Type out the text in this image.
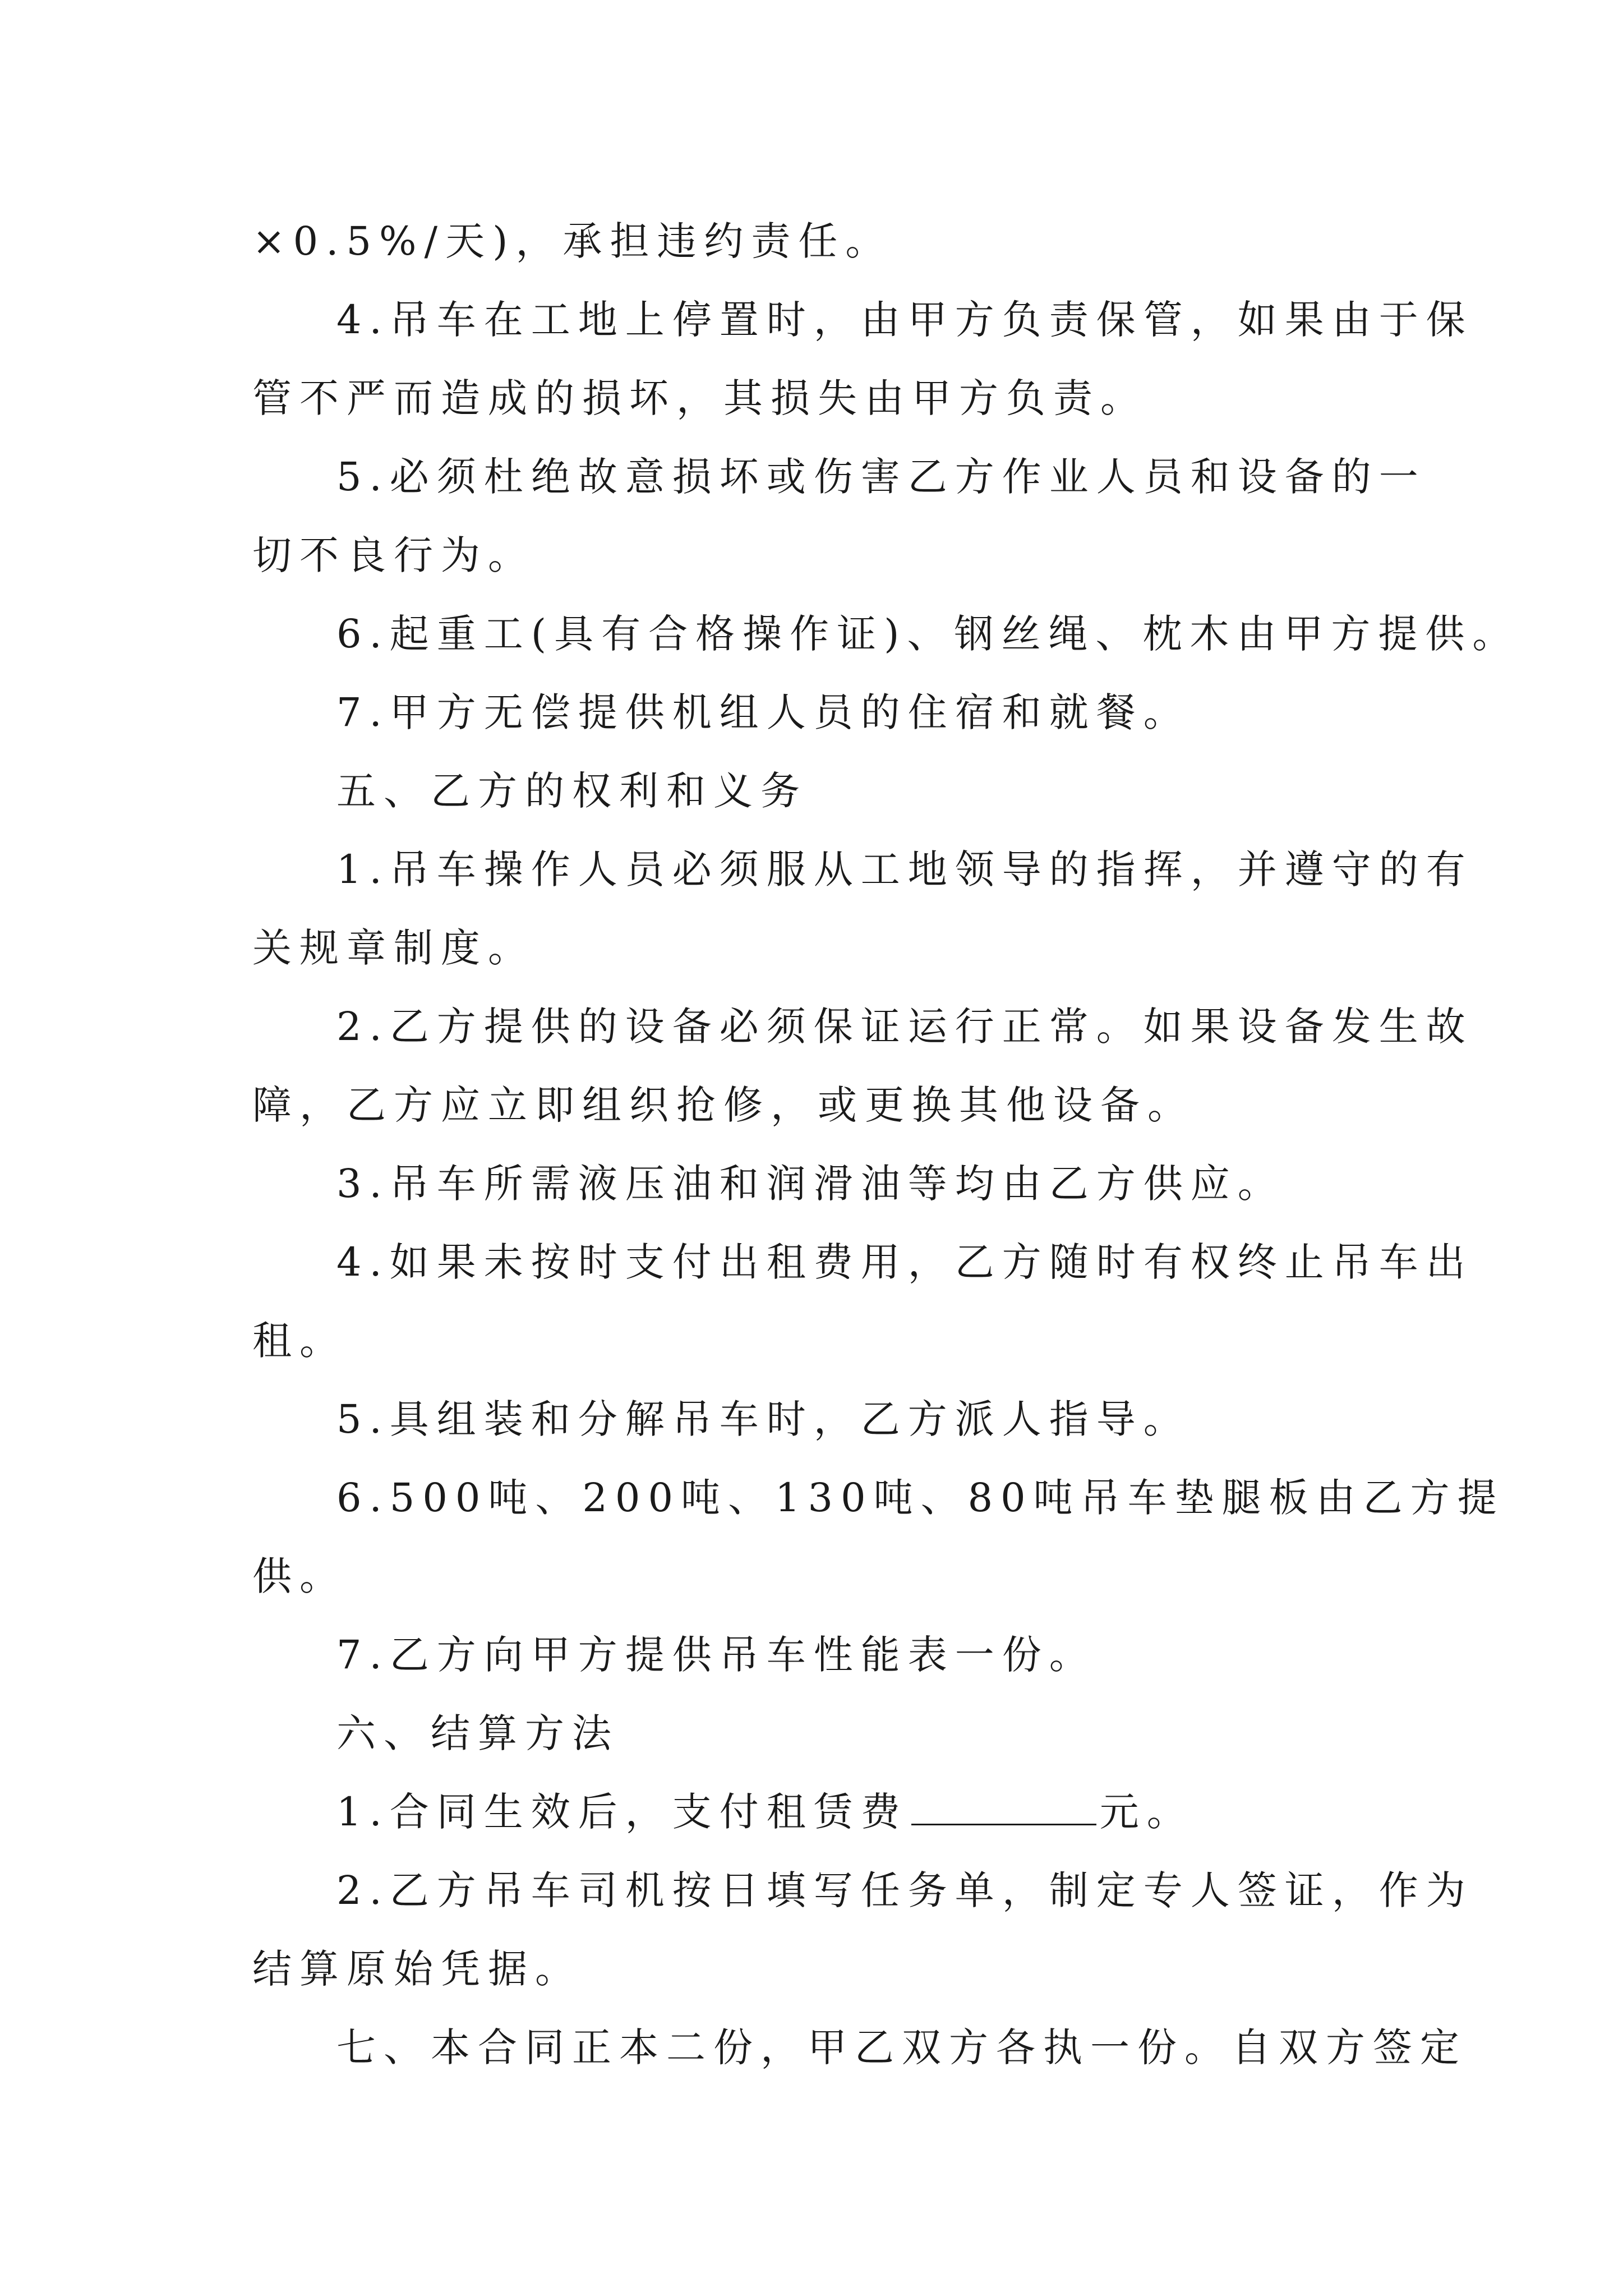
×0.5%/天)，承担违约责任。
4.吊车在工地上停置时，由甲方负责保管，如果由于保
管不严而造成的损坏，其损失由甲方负责。
5.必须杜绝故意损坏或伤害乙方作业人员和设备的一
切不良行为。
6.起重工(具有合格操作证)、钢丝绳、枕木由甲方提供。
7.甲方无偿提供机组人员的住宿和就餐。
五、乙方的权利和义务
1.吊车操作人员必须服从工地领导的指挥，并遵守的有
关规章制度。
2.乙方提供的设备必须保证运行正常。如果设备发生故
障，乙方应立即组织抢修，或更换其他设备。
3.吊车所需液压油和润滑油等均由乙方供应。
4.如果未按时支付出租费用，乙方随时有权终止吊车出
租。
5.具组装和分解吊车时，乙方派人指导。
6.500吨、200吨、130吨、80吨吊车垫腿板由乙方提
供。
7.乙方向甲方提供吊车性能表一份。
六、结算方法
1.合同生效后，支付租赁费	元。
2.乙方吊车司机按日填写任务单，制定专人签证，作为
结算原始凭据。
七、本合同正本二份，甲乙双方各执一份。自双方签定
